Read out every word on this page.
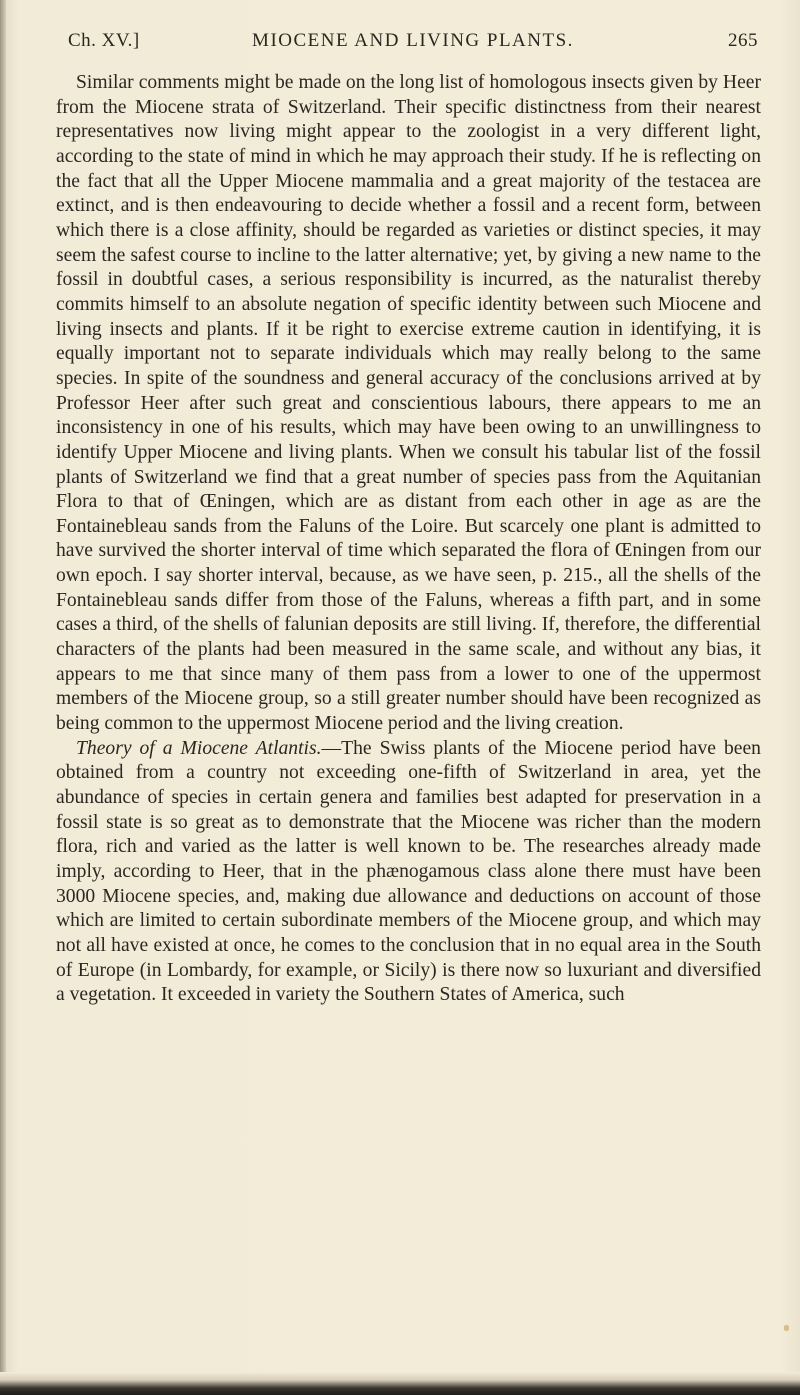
MIOCENE AND LIVING PLANTS.
Ch. XV.]	265

Similar comments might be made on the long list of homologous insects given by Heer from the Miocene strata of Switzerland. Their specific distinctness from their nearest representatives now living might appear to the zoologist in a very different light, according to the state of mind in which he may approach their study. If he is reflecting on the fact that all the Upper Miocene mammalia and a great majority of the testacea are extinct, and is then endeavouring to decide whether a fossil and a recent form, between which there is a close affinity, should be regarded as varieties or distinct species, it may seem the safest course to incline to the latter alternative; yet, by giving a new name to the fossil in doubtful cases, a serious responsibility is incurred, as the naturalist thereby commits himself to an absolute negation of specific identity between such Miocene and living insects and plants. If it be right to exercise extreme caution in identifying, it is equally important not to separate individuals which may really belong to the same species. In spite of the soundness and general accuracy of the conclusions arrived at by Professor Heer after such great and conscientious labours, there appears to me an inconsistency in one of his results, which may have been owing to an unwillingness to identify Upper Miocene and living plants. When we consult his tabular list of the fossil plants of Switzerland we find that a great number of species pass from the Aquitanian Flora to that of Œningen, which are as distant from each other in age as are the Fontainebleau sands from the Faluns of the Loire. But scarcely one plant is admitted to have survived the shorter interval of time which separated the flora of Œningen from our own epoch. I say shorter interval, because, as we have seen, p. 215., all the shells of the Fontainebleau sands differ from those of the Faluns, whereas a fifth part, and in some cases a third, of the shells of falunian deposits are still living. If, therefore, the differential characters of the plants had been measured in the same scale, and without any bias, it appears to me that since many of them pass from a lower to one of the uppermost members of the Miocene group, so a still greater number should have been recognized as being common to the uppermost Miocene period and the living creation.

Theory of a Miocene Atlantis.—The Swiss plants of the Miocene period have been obtained from a country not exceeding one-fifth of Switzerland in area, yet the abundance of species in certain genera and families best adapted for preservation in a fossil state is so great as to demonstrate that the Miocene was richer than the modern flora, rich and varied as the latter is well known to be. The researches already made imply, according to Heer, that in the phænogamous class alone there must have been 3000 Miocene species, and, making due allowance and deductions on account of those which are limited to certain subordinate members of the Miocene group, and which may not all have existed at once, he comes to the conclusion that in no equal area in the South of Europe (in Lombardy, for example, or Sicily) is there now so luxuriant and diversified a vegetation. It exceeded in variety the Southern States of America, such
